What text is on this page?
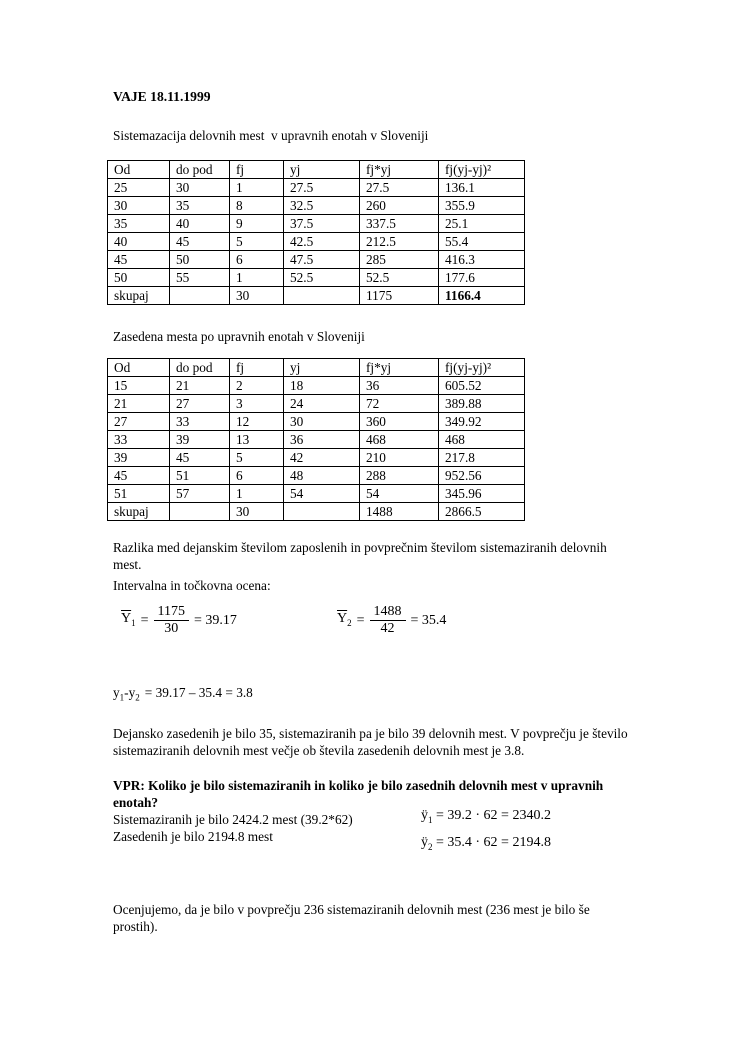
VAJE 18.11.1999

Sistemazacija delovnih mest  v upravnih enotah v Sloveniji

Od	do pod	fj	yj	fj*yj	fj(yj-yj)²
25	30	1	27.5	27.5	136.1
30	35	8	32.5	260	355.9
35	40	9	37.5	337.5	25.1
40	45	5	42.5	212.5	55.4
45	50	6	47.5	285	416.3
50	55	1	52.5	52.5	177.6
skupaj		30		1175	1166.4

Zasedena mesta po upravnih enotah v Sloveniji

Od	do pod	fj	yj	fj*yj	fj(yj-yj)²
15	21	2	18	36	605.52
21	27	3	24	72	389.88
27	33	12	30	360	349.92
33	39	13	36	468	468
39	45	5	42	210	217.8
45	51	6	48	288	952.56
51	57	1	54	54	345.96
skupaj		30		1488	2866.5

Razlika med dejanskim številom zaposlenih in povprečnim številom sistemaziranih delovnih mest.

Intervalna in točkovna ocena:

$\overline{Y}_1 = \frac{1175}{30} = 39.17$	$\overline{Y}_2 = \frac{1488}{42} = 35.4$

$y_1-y_2 = 39.17 - 35.4 = 3.8$

Dejansko zasedenih je bilo 35, sistemaziranih pa je bilo 39 delovnih mest. V povprečju je število sistemaziranih delovnih mest večje ob števila zasedenih delovnih mest je 3.8.

VPR: Koliko je bilo sistemaziranih in koliko je bilo zasednih delovnih mest v upravnih enotah?

Sistemaziranih je bilo 2424.2 mest (39.2*62)

Zasedenih je bilo 2194.8 mest

$ÿ_1 = 39.2 \cdot 62 = 2340.2$
$ÿ_2 = 35.4 \cdot 62 = 2194.8$

Ocenjujemo, da je bilo v povprečju 236 sistemaziranih delovnih mest (236 mest je bilo še prostih).
